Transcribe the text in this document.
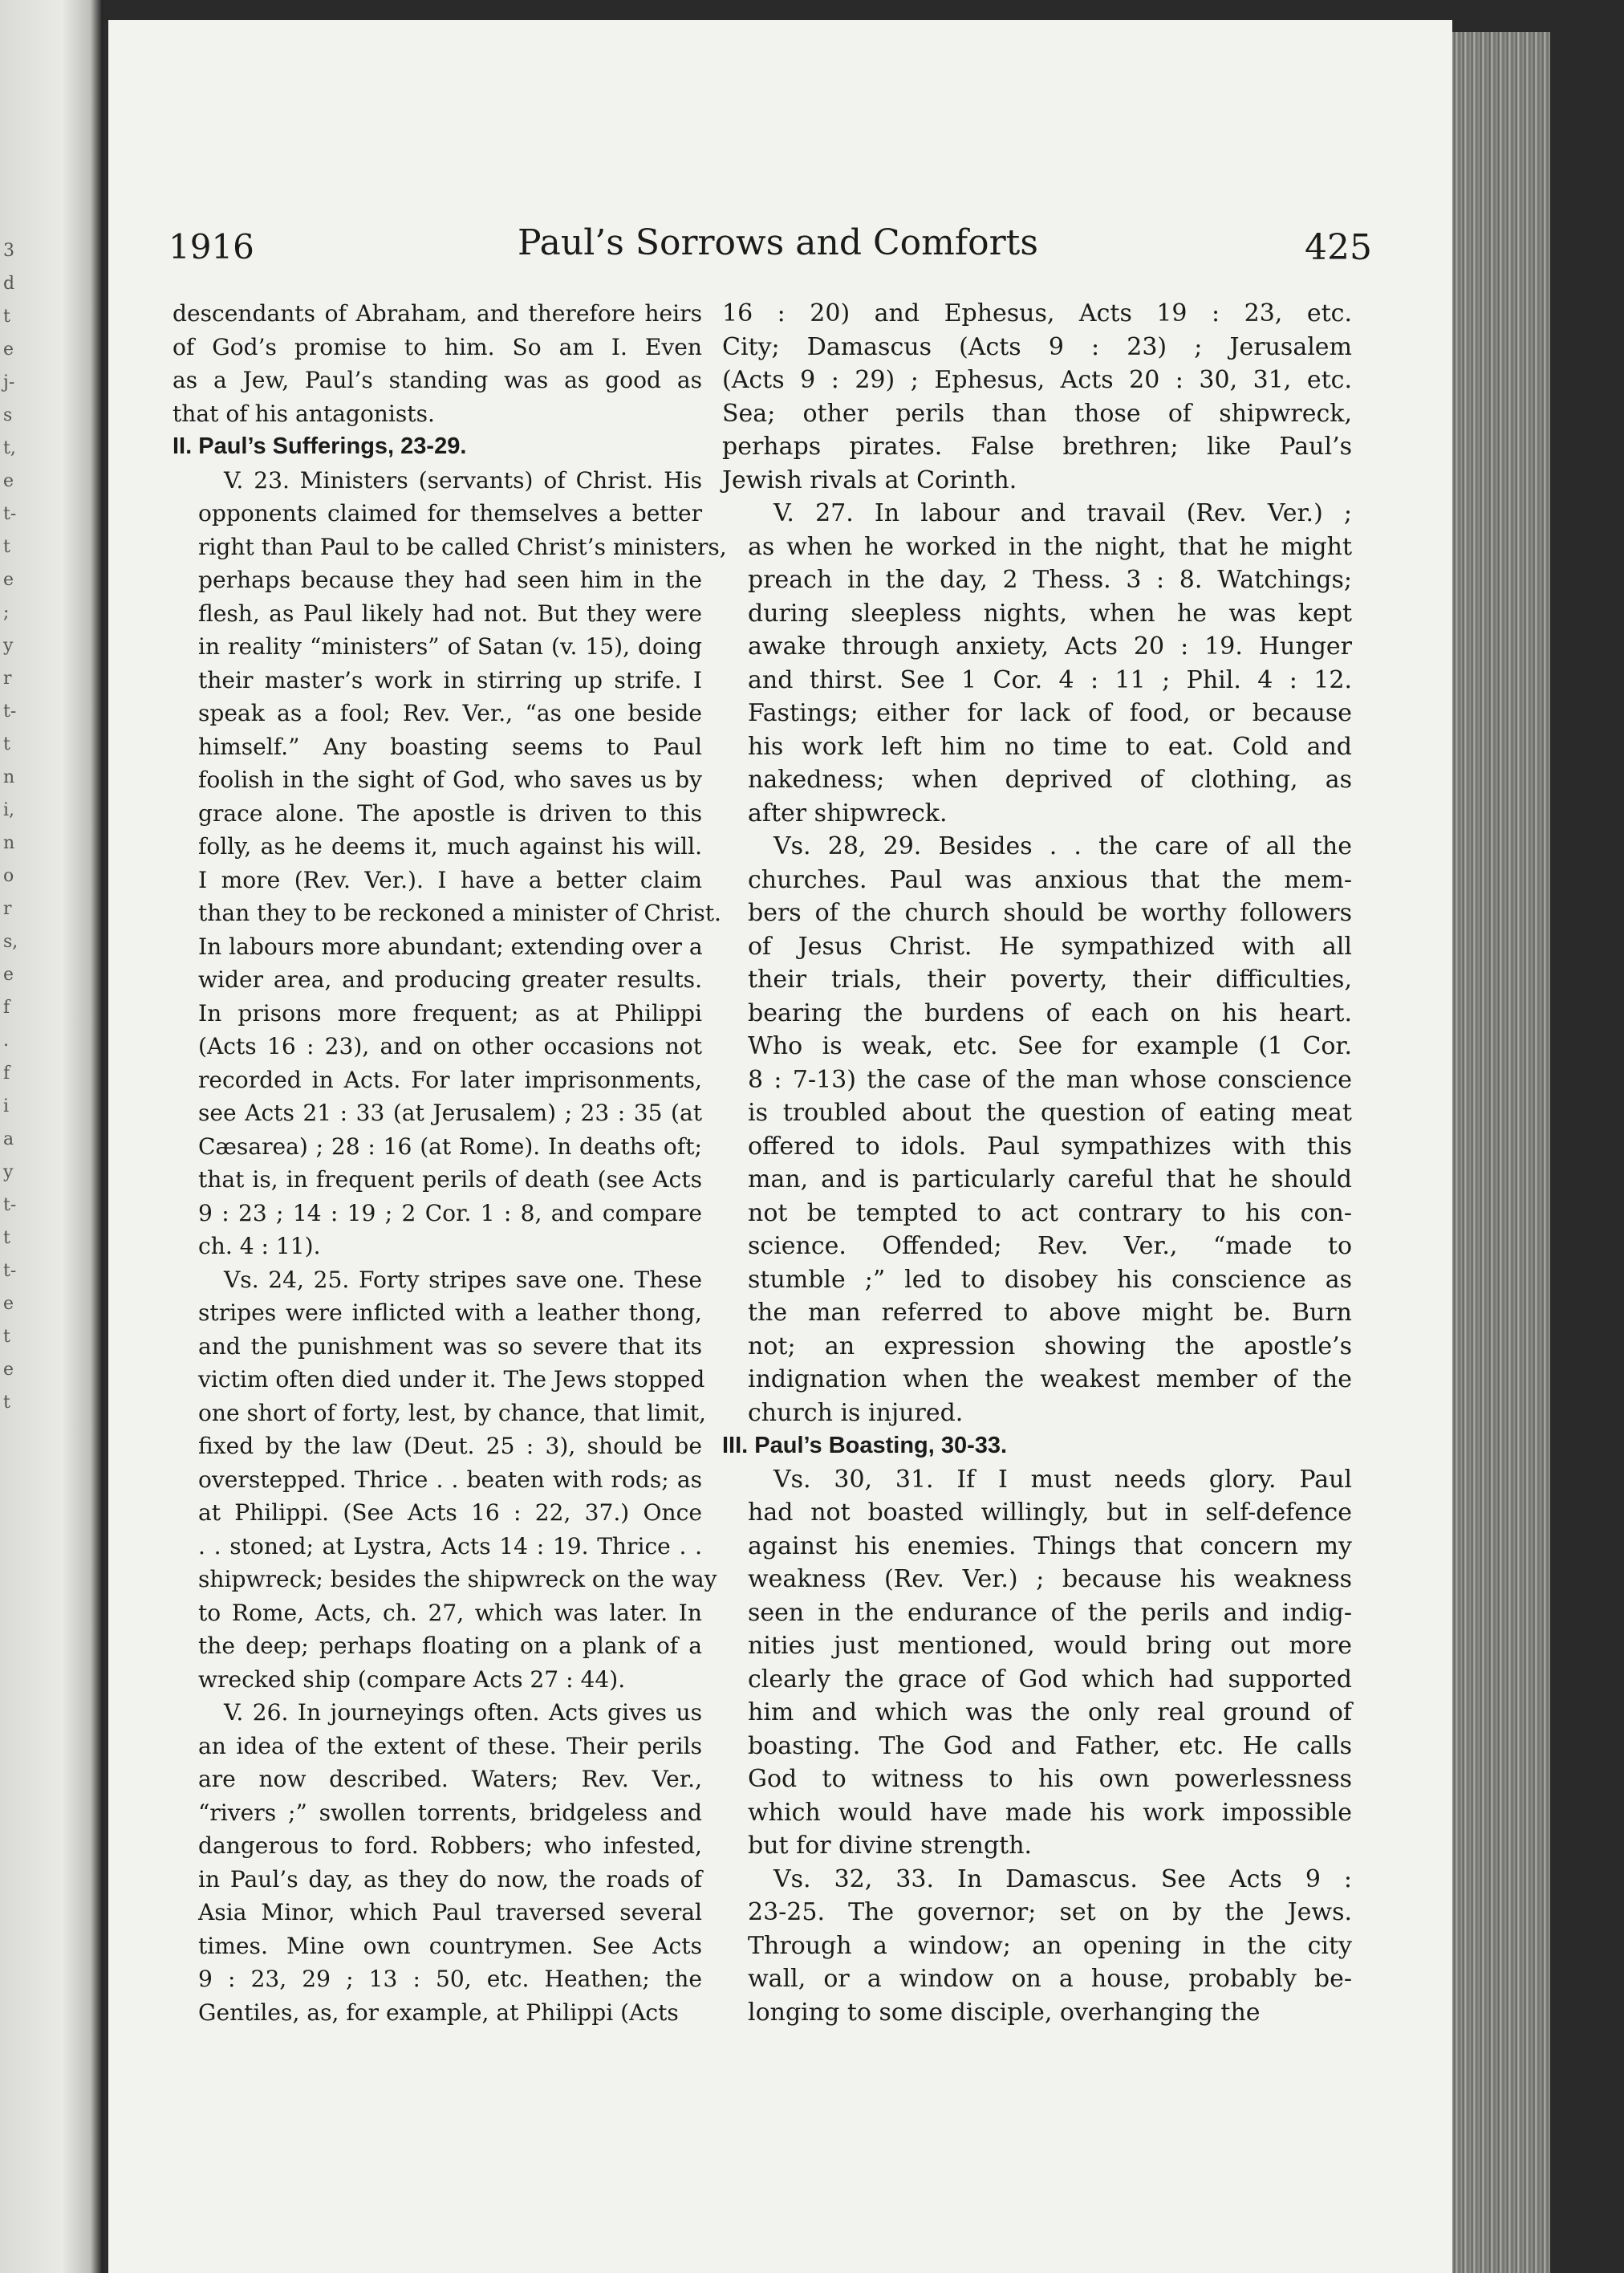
3
d
t
e
j-
s
t,
e
t-
t
e
;
y
r
t-
t
n
i,
n
o
r
s,
e
f
.
f
i
a
y
t-
t
t-
e
t
e
t
1916	Paul’s Sorrows and Comforts	425

descendants of Abraham, and therefore heirs
of God’s promise to him. So am I. Even
as a Jew, Paul’s standing was as good as
that of his antagonists.

II. Paul’s Sufferings, 23-29.

V. 23. Ministers (servants) of Christ. His
opponents claimed for themselves a better
right than Paul to be called Christ’s ministers,
perhaps because they had seen him in the
flesh, as Paul likely had not. But they were
in reality “ministers” of Satan (v. 15), doing
their master’s work in stirring up strife. I
speak as a fool; Rev. Ver., “as one beside
himself.” Any boasting seems to Paul
foolish in the sight of God, who saves us by
grace alone. The apostle is driven to this
folly, as he deems it, much against his will.
I more (Rev. Ver.). I have a better claim
than they to be reckoned a minister of Christ.
In labours more abundant; extending over a
wider area, and producing greater results.
In prisons more frequent; as at Philippi
(Acts 16 : 23), and on other occasions not
recorded in Acts. For later imprisonments,
see Acts 21 : 33 (at Jerusalem) ; 23 : 35 (at
Cæsarea) ; 28 : 16 (at Rome). In deaths oft;
that is, in frequent perils of death (see Acts
9 : 23 ; 14 : 19 ; 2 Cor. 1 : 8, and compare
ch. 4 : 11).

Vs. 24, 25. Forty stripes save one. These
stripes were inflicted with a leather thong,
and the punishment was so severe that its
victim often died under it. The Jews stopped
one short of forty, lest, by chance, that limit,
fixed by the law (Deut. 25 : 3), should be
overstepped. Thrice . . beaten with rods; as
at Philippi. (See Acts 16 : 22, 37.) Once
. . stoned; at Lystra, Acts 14 : 19. Thrice . .
shipwreck; besides the shipwreck on the way
to Rome, Acts, ch. 27, which was later. In
the deep; perhaps floating on a plank of a
wrecked ship (compare Acts 27 : 44).

V. 26. In journeyings often. Acts gives us
an idea of the extent of these. Their perils
are now described. Waters; Rev. Ver.,
“rivers ;” swollen torrents, bridgeless and
dangerous to ford. Robbers; who infested,
in Paul’s day, as they do now, the roads of
Asia Minor, which Paul traversed several
times. Mine own countrymen. See Acts
9 : 23, 29 ; 13 : 50, etc. Heathen; the
Gentiles, as, for example, at Philippi (Acts

16 : 20) and Ephesus, Acts 19 : 23, etc.
City; Damascus (Acts 9 : 23) ; Jerusalem
(Acts 9 : 29) ; Ephesus, Acts 20 : 30, 31, etc.
Sea; other perils than those of shipwreck,
perhaps pirates. False brethren; like Paul’s
Jewish rivals at Corinth.

V. 27. In labour and travail (Rev. Ver.) ;
as when he worked in the night, that he might
preach in the day, 2 Thess. 3 : 8. Watchings;
during sleepless nights, when he was kept
awake through anxiety, Acts 20 : 19. Hunger
and thirst. See 1 Cor. 4 : 11 ; Phil. 4 : 12.
Fastings; either for lack of food, or because
his work left him no time to eat. Cold and
nakedness; when deprived of clothing, as
after shipwreck.

Vs. 28, 29. Besides . . the care of all the
churches. Paul was anxious that the mem-
bers of the church should be worthy followers
of Jesus Christ. He sympathized with all
their trials, their poverty, their difficulties,
bearing the burdens of each on his heart.
Who is weak, etc. See for example (1 Cor.
8 : 7-13) the case of the man whose conscience
is troubled about the question of eating meat
offered to idols. Paul sympathizes with this
man, and is particularly careful that he should
not be tempted to act contrary to his con-
science. Offended; Rev. Ver., “made to
stumble ;” led to disobey his conscience as
the man referred to above might be. Burn
not; an expression showing the apostle’s
indignation when the weakest member of the
church is injured.

III. Paul’s Boasting, 30-33.

Vs. 30, 31. If I must needs glory. Paul
had not boasted willingly, but in self-defence
against his enemies. Things that concern my
weakness (Rev. Ver.) ; because his weakness
seen in the endurance of the perils and indig-
nities just mentioned, would bring out more
clearly the grace of God which had supported
him and which was the only real ground of
boasting. The God and Father, etc. He calls
God to witness to his own powerlessness
which would have made his work impossible
but for divine strength.

Vs. 32, 33. In Damascus. See Acts 9 :
23-25. The governor; set on by the Jews.
Through a window; an opening in the city
wall, or a window on a house, probably be-
longing to some disciple, overhanging the
